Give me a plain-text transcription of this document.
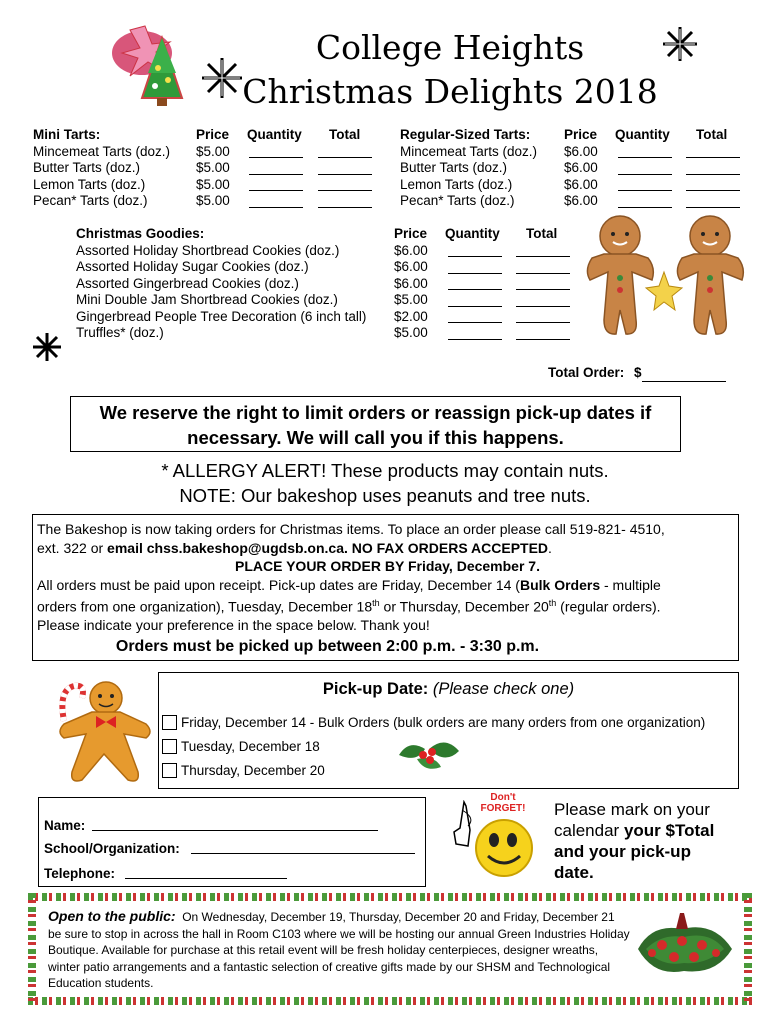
College Heights
Christmas Delights 2018
Mini Tarts:	Price Quantity Total
Mincemeat Tarts (doz.) $5.00
Butter Tarts (doz.)	$5.00
Lemon Tarts (doz.)	$5.00
Pecan* Tarts (doz.)	$5.00
Regular-Sized Tarts: Price Quantity Total
Mincemeat Tarts (doz.) $6.00
Butter Tarts (doz.)	$6.00
Lemon Tarts (doz.)	$6.00
Pecan* Tarts (doz.)	$6.00
Christmas Goodies:	Price Quantity Total
Assorted Holiday Shortbread Cookies (doz.)	$6.00
Assorted Holiday Sugar Cookies (doz.)	$6.00
Assorted Gingerbread Cookies (doz.)	$6.00
Mini Double Jam Shortbread Cookies (doz.)	$5.00
Gingerbread People Tree Decoration (6 inch tall) $2.00
Truffles* (doz.)	$5.00
Total Order: $
We reserve the right to limit orders or reassign pick-up dates if
necessary. We will call you if this happens.
* ALLERGY ALERT! These products may contain nuts.
NOTE: Our bakeshop uses peanuts and tree nuts.
The Bakeshop is now taking orders for Christmas items. To place an order please call 519-821- 4510,
ext. 322 or email chss.bakeshop@ugdsb.on.ca. NO FAX ORDERS ACCEPTED.
PLACE YOUR ORDER BY Friday, December 7.
All orders must be paid upon receipt. Pick-up dates are Friday, December 14 (Bulk Orders - multiple
orders from one organization), Tuesday, December 18th or Thursday, December 20th (regular orders).
Please indicate your preference in the space below. Thank you!
Orders must be picked up between 2:00 p.m. - 3:30 p.m.
Pick-up Date: (Please check one)
Friday, December 14 - Bulk Orders (bulk orders are many orders from one organization)
Tuesday, December 18
Thursday, December 20
Name:
School/Organization:
Telephone:
Don't
FORGET! Please mark on your calendar your $Total and your pick-up date.
Open to the public: On Wednesday, December 19, Thursday, December 20 and Friday, December 21 be sure to stop in across the hall in Room C103 where we will be hosting our annual Green Industries Holiday Boutique. Available for purchase at this retail event will be fresh holiday centerpieces, designer wreaths, winter patio arrangements and a fantastic selection of creative gifts made by our SHSM and Technological Education students.
